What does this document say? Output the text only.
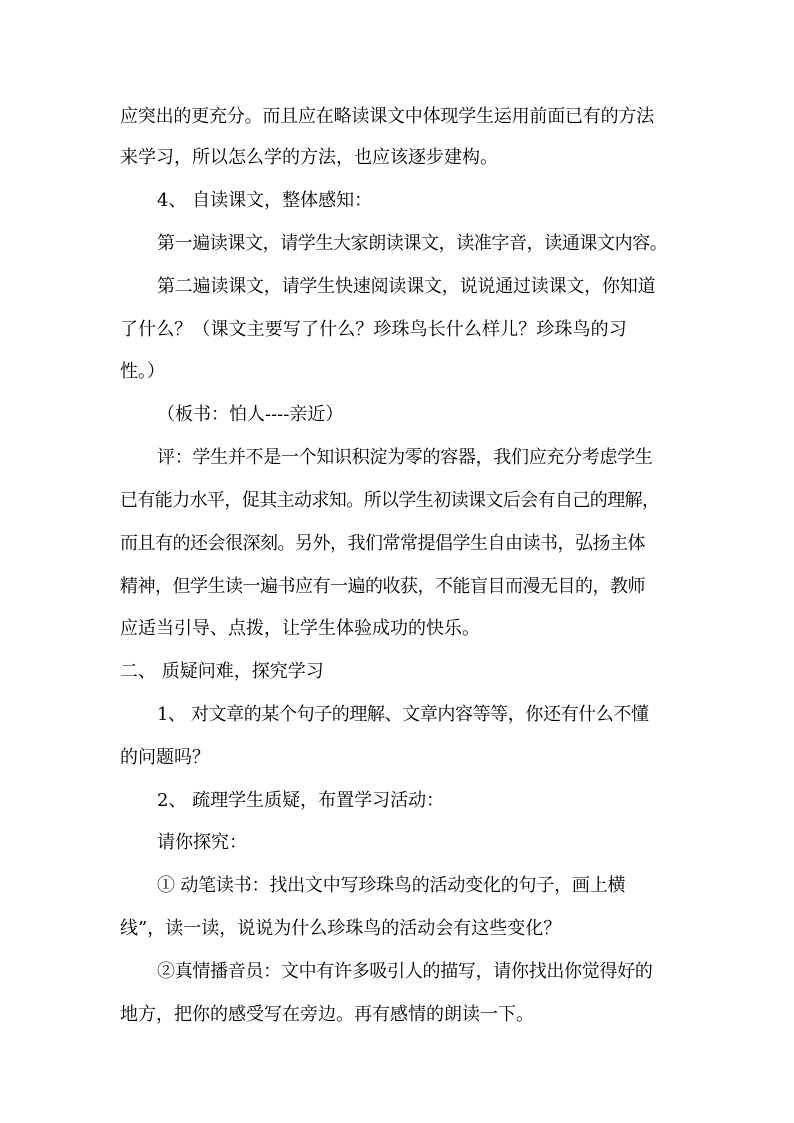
应突出的更充分。而且应在略读课文中体现学生运用前面已有的方法
来学习，所以怎么学的方法，也应该逐步建构。
4、 自读课文，整体感知：
第一遍读课文，请学生大家朗读课文，读准字音，读通课文内容。
第二遍读课文，请学生快速阅读课文，说说通过读课文，你知道
了什么？（课文主要写了什么？珍珠鸟长什么样儿？珍珠鸟的习
性。）
（板书：怕人----亲近）
评：学生并不是一个知识积淀为零的容器，我们应充分考虑学生
已有能力水平，促其主动求知。所以学生初读课文后会有自己的理解，
而且有的还会很深刻。另外，我们常常提倡学生自由读书，弘扬主体
精神，但学生读一遍书应有一遍的收获，不能盲目而漫无目的，教师
应适当引导、点拨，让学生体验成功的快乐。
二、 质疑问难，探究学习
1、 对文章的某个句子的理解、文章内容等等，你还有什么不懂
的问题吗？
2、 疏理学生质疑，布置学习活动：
请你探究：
① 动笔读书：找出文中写珍珠鸟的活动变化的句子，画上横
线”，读一读，说说为什么珍珠鸟的活动会有这些变化？
②真情播音员：文中有许多吸引人的描写，请你找出你觉得好的
地方，把你的感受写在旁边。再有感情的朗读一下。
